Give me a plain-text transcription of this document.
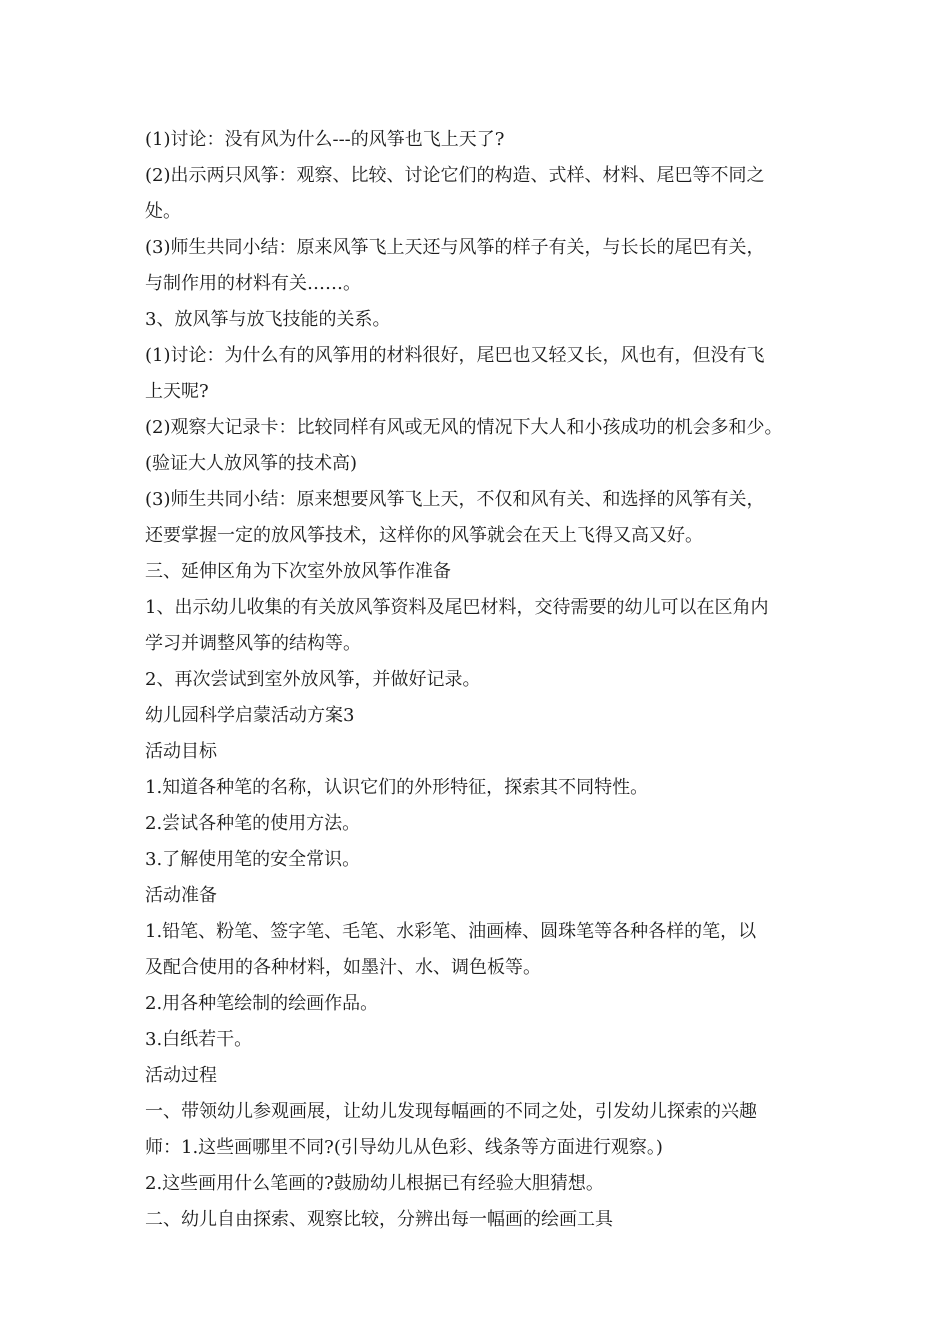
(1)讨论：没有风为什么---的风筝也飞上天了?
(2)出示两只风筝：观察、比较、讨论它们的构造、式样、材料、尾巴等不同之
处。
(3)师生共同小结：原来风筝飞上天还与风筝的样子有关，与长长的尾巴有关，
与制作用的材料有关……。
3、放风筝与放飞技能的关系。
(1)讨论：为什么有的风筝用的材料很好，尾巴也又轻又长，风也有，但没有飞
上天呢?
(2)观察大记录卡：比较同样有风或无风的情况下大人和小孩成功的机会多和少。
(验证大人放风筝的技术高)
(3)师生共同小结：原来想要风筝飞上天，不仅和风有关、和选择的风筝有关，
还要掌握一定的放风筝技术，这样你的风筝就会在天上飞得又高又好。
三、延伸区角为下次室外放风筝作准备
1、出示幼儿收集的有关放风筝资料及尾巴材料，交待需要的幼儿可以在区角内
学习并调整风筝的结构等。
2、再次尝试到室外放风筝，并做好记录。
幼儿园科学启蒙活动方案3
活动目标
1.知道各种笔的名称，认识它们的外形特征，探索其不同特性。
2.尝试各种笔的使用方法。
3.了解使用笔的安全常识。
活动准备
1.铅笔、粉笔、签字笔、毛笔、水彩笔、油画棒、圆珠笔等各种各样的笔，以
及配合使用的各种材料，如墨汁、水、调色板等。
2.用各种笔绘制的绘画作品。
3.白纸若干。
活动过程
一、带领幼儿参观画展，让幼儿发现每幅画的不同之处，引发幼儿探索的兴趣
师：1.这些画哪里不同?(引导幼儿从色彩、线条等方面进行观察。)
2.这些画用什么笔画的?鼓励幼儿根据已有经验大胆猜想。
二、幼儿自由探索、观察比较，分辨出每一幅画的绘画工具
